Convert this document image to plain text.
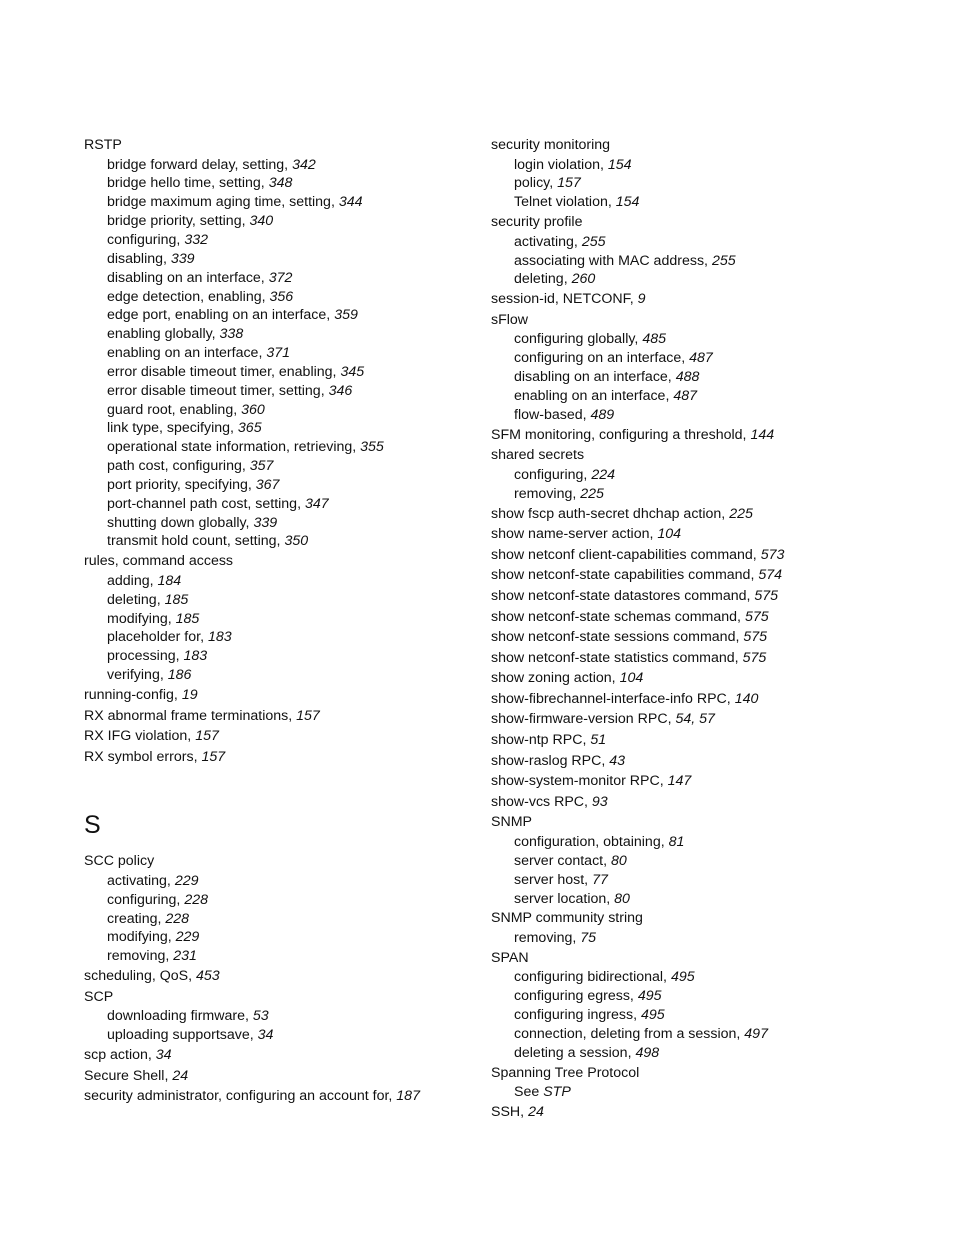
RSTP
bridge forward delay, setting, 342
bridge hello time, setting, 348
bridge maximum aging time, setting, 344
bridge priority, setting, 340
configuring, 332
disabling, 339
disabling on an interface, 372
edge detection, enabling, 356
edge port, enabling on an interface, 359
enabling globally, 338
enabling on an interface, 371
error disable timeout timer, enabling, 345
error disable timeout timer, setting, 346
guard root, enabling, 360
link type, specifying, 365
operational state information, retrieving, 355
path cost, configuring, 357
port priority, specifying, 367
port-channel path cost, setting, 347
shutting down globally, 339
transmit hold count, setting, 350
rules, command access
adding, 184
deleting, 185
modifying, 185
placeholder for, 183
processing, 183
verifying, 186
running-config, 19
RX abnormal frame terminations, 157
RX IFG violation, 157
RX symbol errors, 157
S
SCC policy
activating, 229
configuring, 228
creating, 228
modifying, 229
removing, 231
scheduling, QoS, 453
SCP
downloading firmware, 53
uploading supportsave, 34
scp action, 34
Secure Shell, 24
security administrator, configuring an account for, 187
security monitoring
login violation, 154
policy, 157
Telnet violation, 154
security profile
activating, 255
associating with MAC address, 255
deleting, 260
session-id, NETCONF, 9
sFlow
configuring globally, 485
configuring on an interface, 487
disabling on an interface, 488
enabling on an interface, 487
flow-based, 489
SFM monitoring, configuring a threshold, 144
shared secrets
configuring, 224
removing, 225
show fscp auth-secret dhchap action, 225
show name-server action, 104
show netconf client-capabilities command, 573
show netconf-state capabilities command, 574
show netconf-state datastores command, 575
show netconf-state schemas command, 575
show netconf-state sessions command, 575
show netconf-state statistics command, 575
show zoning action, 104
show-fibrechannel-interface-info RPC, 140
show-firmware-version RPC, 54, 57
show-ntp RPC, 51
show-raslog RPC, 43
show-system-monitor RPC, 147
show-vcs RPC, 93
SNMP
configuration, obtaining, 81
server contact, 80
server host, 77
server location, 80
SNMP community string
removing, 75
SPAN
configuring bidirectional, 495
configuring egress, 495
configuring ingress, 495
connection, deleting from a session, 497
deleting a session, 498
Spanning Tree Protocol
See STP
SSH, 24
